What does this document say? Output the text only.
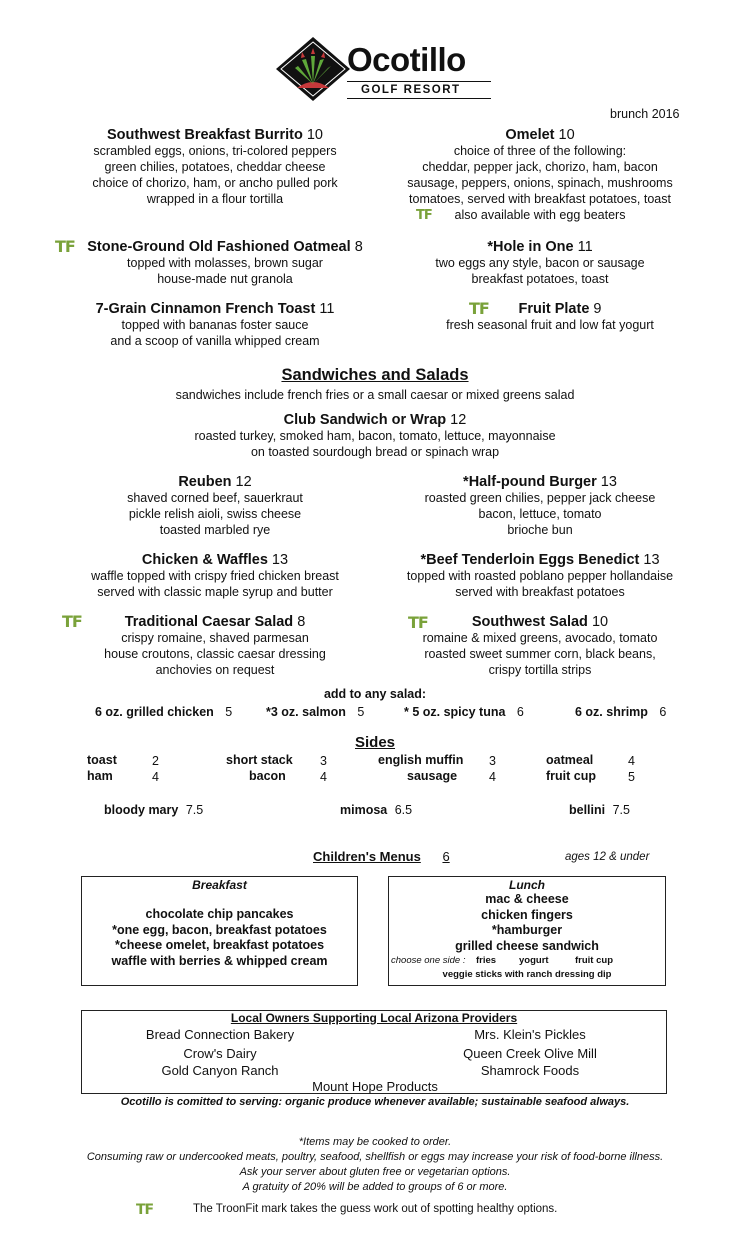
Ocotillo
GOLF RESORT
brunch 2016
Southwest Breakfast Burrito 10
scrambled eggs, onions, tri-colored peppers
green chilies, potatoes, cheddar cheese
choice of chorizo, ham, or ancho pulled pork
wrapped in a flour tortilla
Omelet 10
choice of three of the following:
cheddar, pepper jack, chorizo, ham, bacon
sausage, peppers, onions, spinach, mushrooms
tomatoes, served with breakfast potatoes, toast
also available with egg beaters
TF
TF Stone-Ground Old Fashioned Oatmeal 8
topped with molasses, brown sugar
house-made nut granola
*Hole in One 11
two eggs any style, bacon or sausage
breakfast potatoes, toast
7-Grain Cinnamon French Toast 11
topped with bananas foster sauce
and a scoop of vanilla whipped cream
TF	Fruit Plate 9
fresh seasonal fruit and low fat yogurt
Sandwiches and Salads
sandwiches include french fries or a small caesar or mixed greens salad
Club Sandwich or Wrap 12
roasted turkey, smoked ham, bacon, tomato, lettuce, mayonnaise
on toasted sourdough bread or spinach wrap
Reuben 12
shaved corned beef, sauerkraut
pickle relish aioli, swiss cheese
toasted marbled rye
*Half-pound Burger 13
roasted green chilies, pepper jack cheese
bacon, lettuce, tomato
brioche bun
Chicken & Waffles 13
waffle topped with crispy fried chicken breast
served with classic maple syrup and butter
*Beef Tenderloin Eggs Benedict 13
topped with roasted poblano pepper hollandaise
served with breakfast potatoes
TF	Traditional Caesar Salad 8
crispy romaine, shaved parmesan
house croutons, classic caesar dressing
anchovies on request
TF	Southwest Salad 10
romaine & mixed greens, avocado, tomato
roasted sweet summer corn, black beans,
crispy tortilla strips
add to any salad:
6 oz. grilled chicken 5	*3 oz. salmon 5	* 5 oz. spicy tuna 6	6 oz. shrimp 6
Sides
toast	2	short stack 3	english muffin 3	oatmeal	4
ham	4	bacon	4	sausage	4	fruit cup	5
bloody mary 7.5	mimosa 6.5	bellini 7.5
Children's Menus 6	ages 12 & under
Breakfast
chocolate chip pancakes
*one egg, bacon, breakfast potatoes
*cheese omelet, breakfast potatoes
waffle with berries & whipped cream
Lunch
mac & cheese
chicken fingers
*hamburger
grilled cheese sandwich
choose one side : fries yogurt	fruit cup
veggie sticks with ranch dressing dip
Local Owners Supporting Local Arizona Providers
Bread Connection Bakery
Crow's Dairy
Gold Canyon Ranch
Mrs. Klein's Pickles
Queen Creek Olive Mill
Shamrock Foods
Mount Hope Products
Ocotillo is comitted to serving: organic produce whenever available; sustainable seafood always.
*Items may be cooked to order.
Consuming raw or undercooked meats, poultry, seafood, shellfish or eggs may increase your risk of food-borne illness.
Ask your server about gluten free or vegetarian options.
A gratuity of 20% will be added to groups of 6 or more.
TF	The TroonFit mark takes the guess work out of spotting healthy options.
